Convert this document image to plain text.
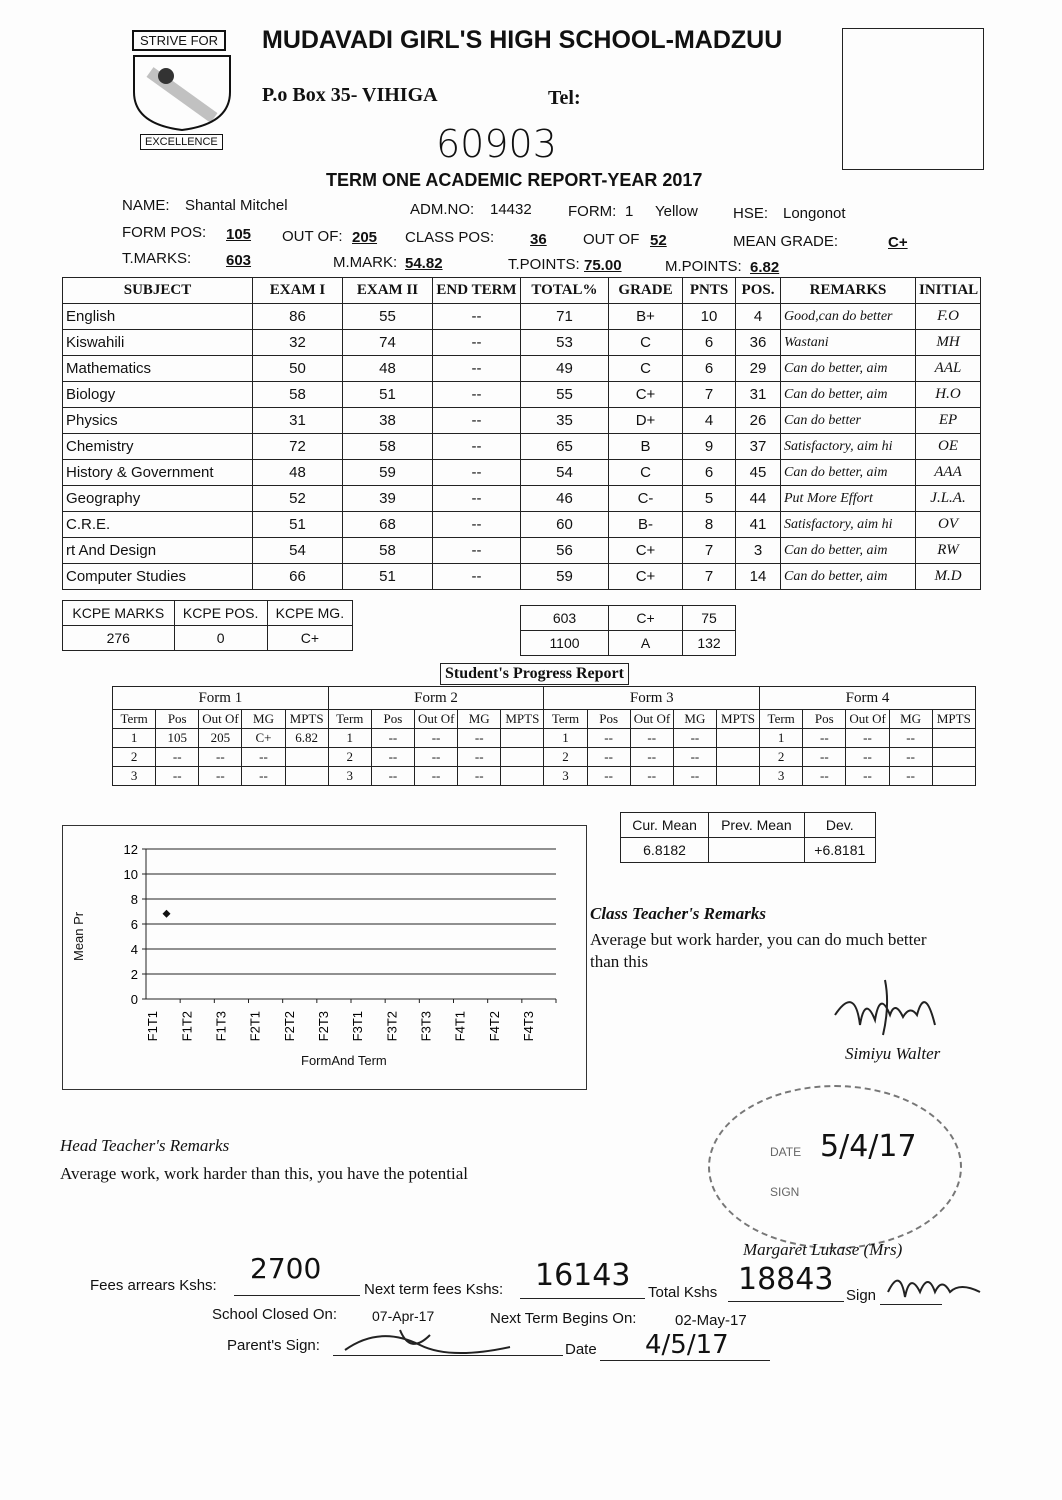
STRIVE FOR
EXCELLENCE
MUDAVADI GIRL'S HIGH SCHOOL-MADZUU
P.o Box 35- VIHIGA	Tel:
60903
TERM ONE ACADEMIC REPORT-YEAR 2017
NAME: Shantal Mitchel	ADM.NO: 14432 FORM: 1 Yellow HSE: Longonot
FORM POS: 105 OUT OF: 205 CLASS POS: 36 OUT OF 52	MEAN GRADE:	C+
T.MARKS: 603	M.MARK: 54.82	T.POINTS: 75.00	M.POINTS: 6.82
SUBJECT	EXAM I	EXAM II	END TERM	TOTAL%	GRADE	PNTS	POS.	REMARKS	INITIAL
English	86	55	--	71	B+	10	4	Good,can do better	F.O
Kiswahili	32	74	--	53	C	6	36	Wastani	MH
Mathematics	50	48	--	49	C	6	29	Can do better, aim	AAL
Biology	58	51	--	55	C+	7	31	Can do better, aim	H.O
Physics	31	38	--	35	D+	4	26	Can do better	EP
Chemistry	72	58	--	65	B	9	37	Satisfactory, aim hi	OE
History & Government	48	59	--	54	C	6	45	Can do better, aim	AAA
Geography	52	39	--	46	C-	5	44	Put More Effort	J.L.A.
C.R.E.	51	68	--	60	B-	8	41	Satisfactory, aim hi	OV
rt And Design	54	58	--	56	C+	7	3	Can do better, aim	RW
Computer Studies	66	51	--	59	C+	7	14	Can do better, aim	M.D
KCPE MARKS	KCPE POS.	KCPE MG.
276	0	C+
603	C+	75
1100	A	132
Student's Progress Report
Form 1					Form 2					Form 3					Form 4				
Term	Pos	Out Of	MG	MPTS	Term	Pos	Out Of	MG	MPTS	Term	Pos	Out Of	MG	MPTS	Term	Pos	Out Of	MG	MPTS
1	105	205	C+	6.82	1	--	--	--		1	--	--	--		1	--	--	--	
2	--	--	--		2	--	--	--		2	--	--	--		2	--	--	--	
3	--	--	--		3	--	--	--		3	--	--	--		3	--	--	--	
Cur. Mean	Prev. Mean	Dev.
6.8182		+6.8181
0
2
4
6
8
10
12
F1T1 F1T2 F1T3 F2T1 F2T2 F2T3 F3T1 F3T2 F3T3 F4T1 F4T2 F4T3
Mean Pr
FormAnd Term
Class Teacher's Remarks
Average but work harder, you can do much better than this
Simiyu Walter
Head Teacher's Remarks
Average work, work harder than this, you have the potential
DATE 5/4/17
SIGN
Margaret Lukase (Mrs)
Fees arrears Kshs:
2700
Next term fees Kshs: 16143 Total Kshs 18843 Sign
School Closed On: 07-Apr-17	Next Term Begins On:	02-May-17
Parent's Sign:	Date 4/5/17
